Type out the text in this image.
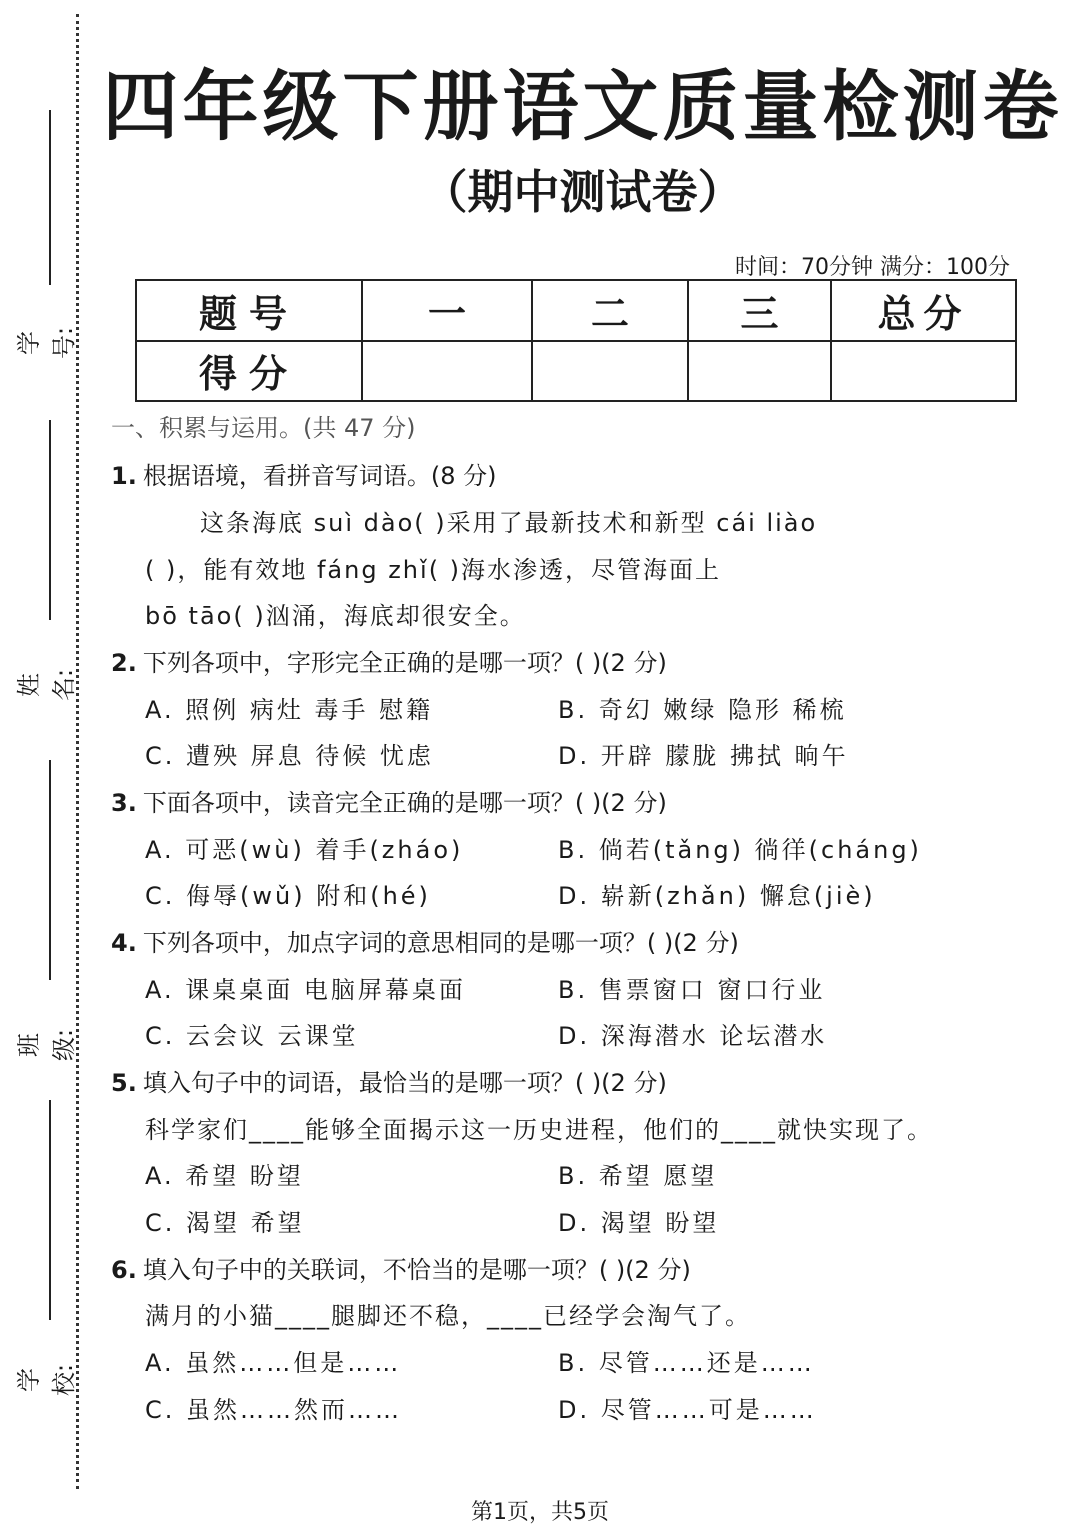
学号:
姓名:
班级:
学校:
四年级下册语文质量检测卷
（期中测试卷）
时间：70分钟 满分：100分
题号	一	二	三	总分
得分				
一、积累与运用。(共 47 分)
1. 根据语境，看拼音写词语。(8 分)
这条海底 suì dào( )采用了最新技术和新型 cái liào
( )，能有效地 fáng zhǐ( )海水渗透，尽管海面上
bō tāo( )汹涌，海底却很安全。
2. 下列各项中，字形完全正确的是哪一项？( )(2 分)
A. 照例 病灶 毒手 慰籍	B. 奇幻 嫩绿 隐形 稀梳
C. 遭殃 屏息 待候 忧虑	D. 开辟 朦胧 拂拭 晌午
3. 下面各项中，读音完全正确的是哪一项？( )(2 分)
A. 可恶(wù) 着手(zháo)	B. 倘若(tǎng) 徜徉(cháng)
C. 侮辱(wǔ) 附和(hé)	D. 崭新(zhǎn) 懈怠(jiè)
4. 下列各项中，加点字词的意思相同的是哪一项？( )(2 分)
A. 课桌桌面 电脑屏幕桌面	B. 售票窗口 窗口行业
C. 云会议 云课堂	D. 深海潜水 论坛潜水
5. 填入句子中的词语，最恰当的是哪一项？( )(2 分)
科学家们____能够全面揭示这一历史进程，他们的____就快实现了。
A. 希望 盼望	B. 希望 愿望
C. 渴望 希望	D. 渴望 盼望
6. 填入句子中的关联词，不恰当的是哪一项？( )(2 分)
满月的小猫____腿脚还不稳，____已经学会淘气了。
A. 虽然……但是……	B. 尽管……还是……
C. 虽然……然而……	D. 尽管……可是……
第1页，共5页
